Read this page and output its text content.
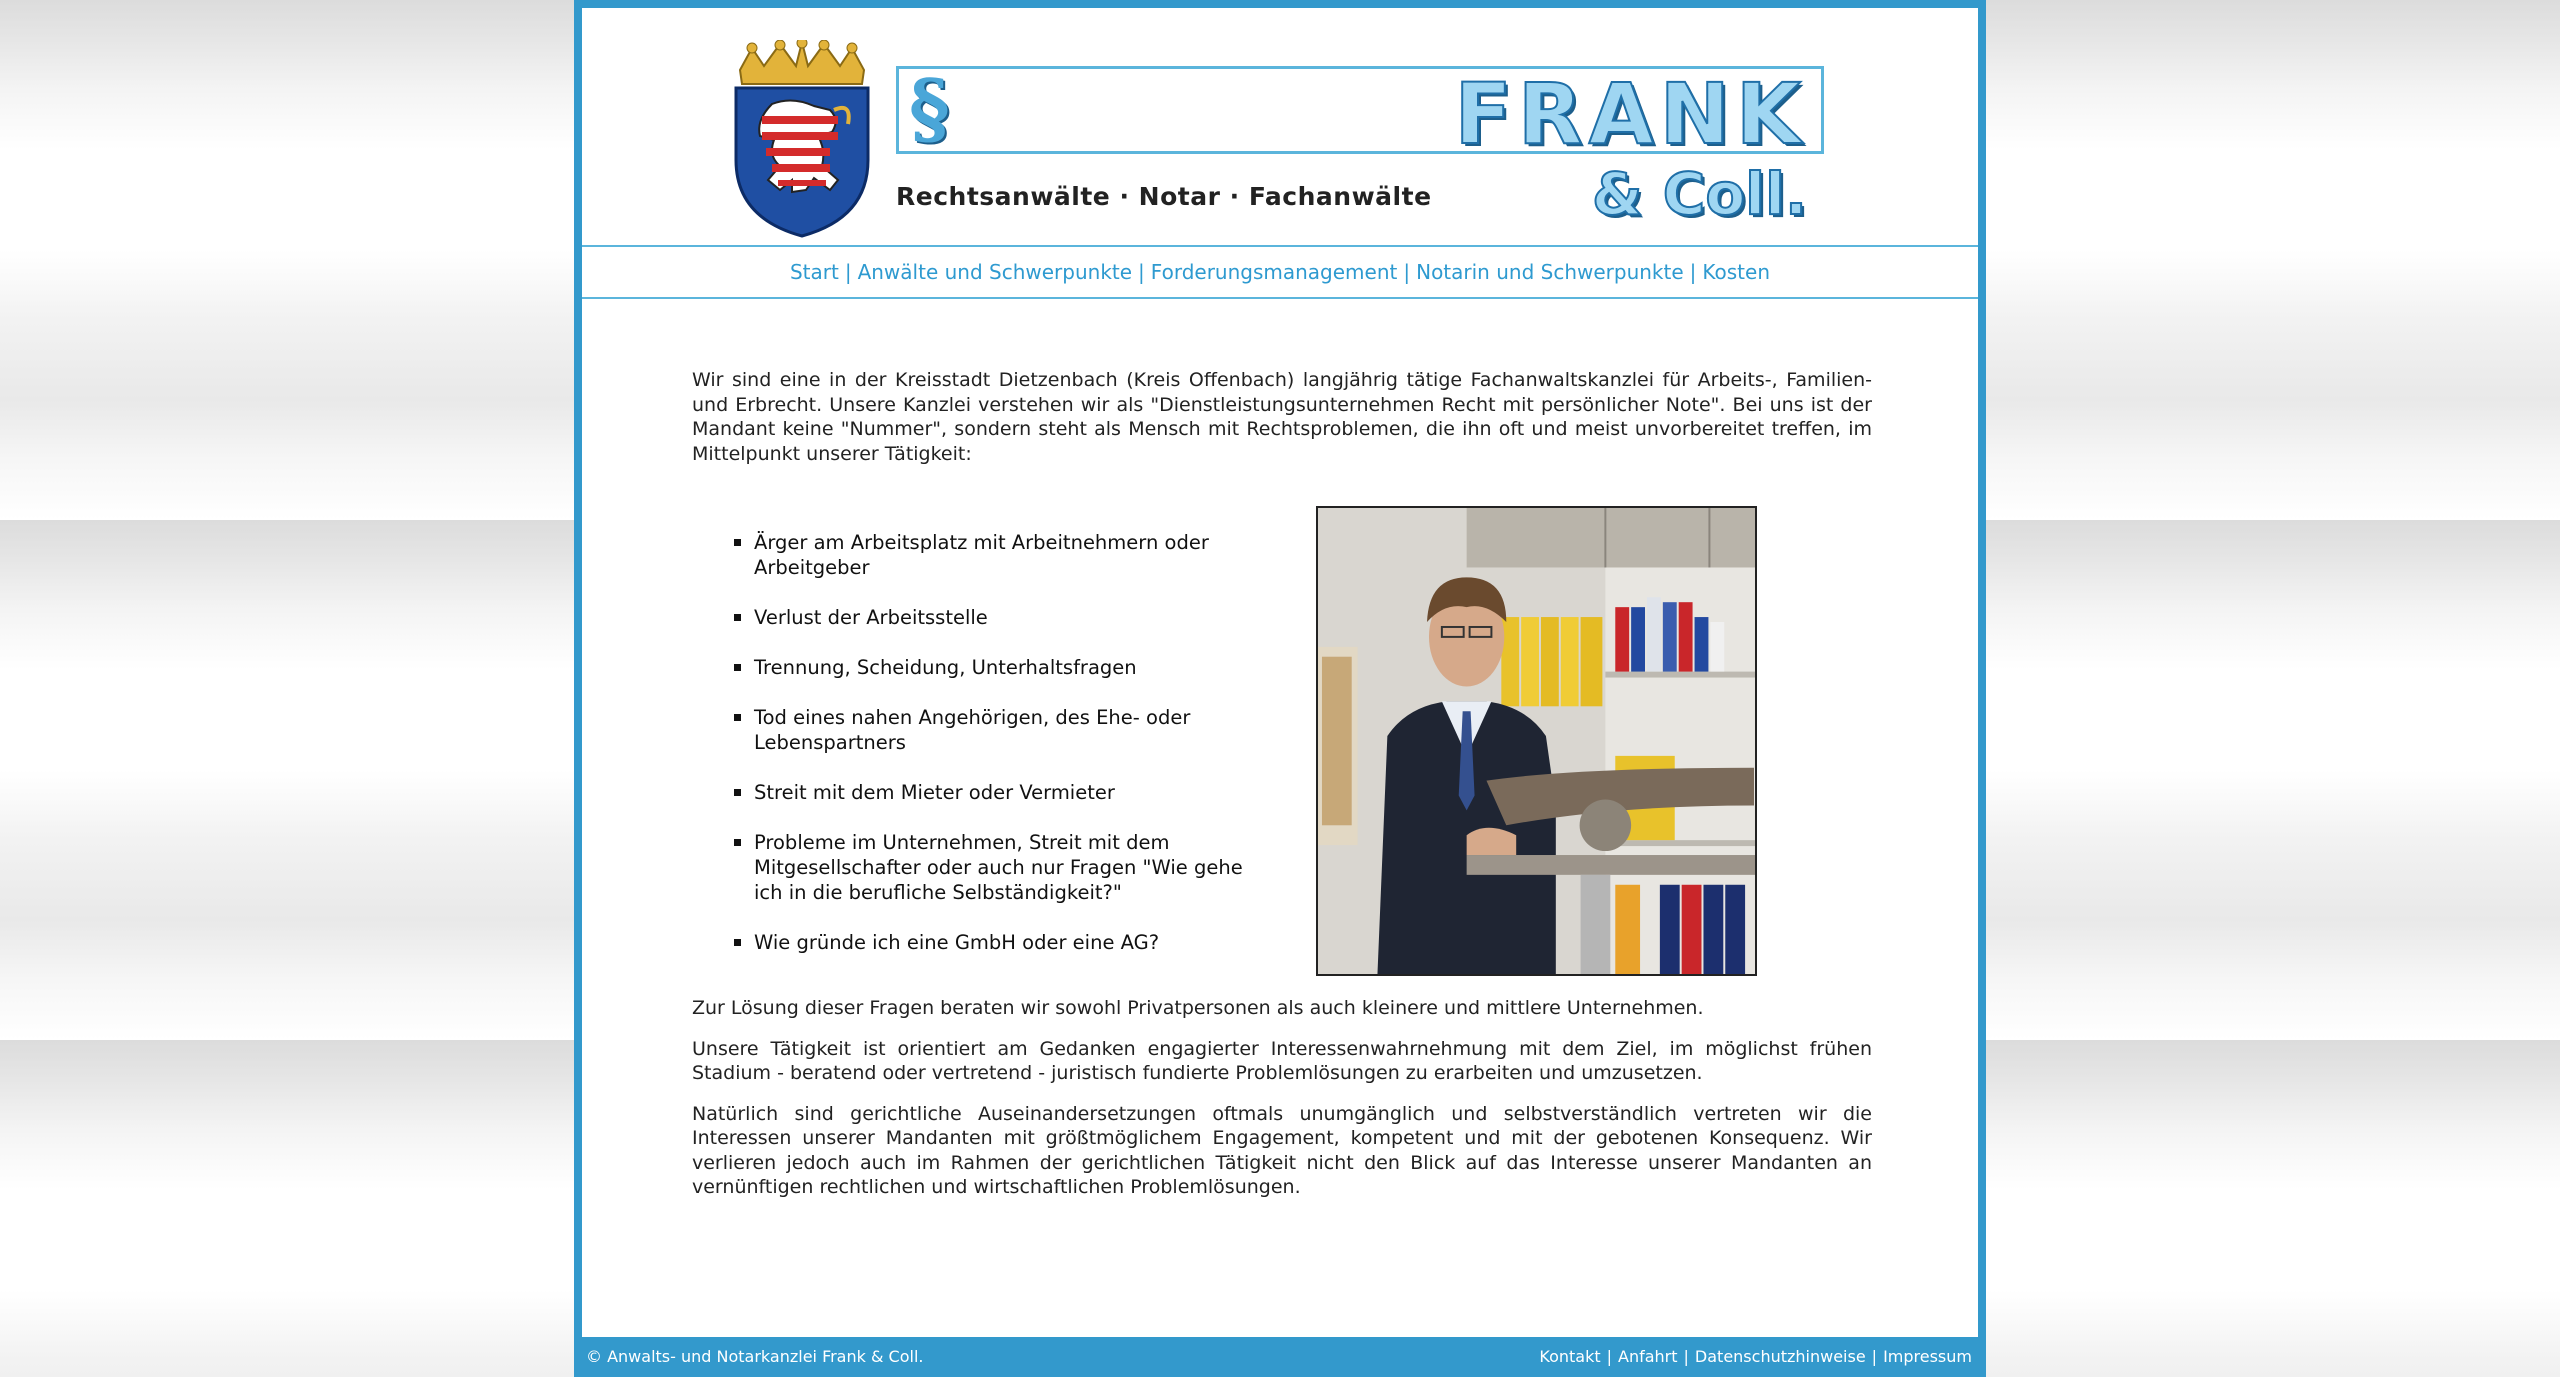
§	FRANK
& Coll.
Rechtsanwälte · Notar · Fachanwälte
Start | Anwälte und Schwerpunkte | Forderungsmanagement | Notarin und Schwerpunkte | Kosten

Wir sind eine in der Kreisstadt Dietzenbach (Kreis Offenbach) langjährig tätige Fachanwaltskanzlei für Arbeits-, Familien- und Erbrecht. Unsere Kanzlei verstehen wir als "Dienstleistungsunternehmen Recht mit persönlicher Note". Bei uns ist der Mandant keine "Nummer", sondern steht als Mensch mit Rechtsproblemen, die ihn oft und meist unvorbereitet treffen, im Mittelpunkt unserer Tätigkeit:

Ärger am Arbeitsplatz mit Arbeitnehmern oder Arbeitgeber
Verlust der Arbeitsstelle
Trennung, Scheidung, Unterhaltsfragen
Tod eines nahen Angehörigen, des Ehe- oder Lebenspartners
Streit mit dem Mieter oder Vermieter
Probleme im Unternehmen, Streit mit dem Mitgesellschafter oder auch nur Fragen "Wie gehe ich in die berufliche Selbständigkeit?"
Wie gründe ich eine GmbH oder eine AG?

Zur Lösung dieser Fragen beraten wir sowohl Privatpersonen als auch kleinere und mittlere Unternehmen.

Unsere Tätigkeit ist orientiert am Gedanken engagierter Interessenwahrnehmung mit dem Ziel, im möglichst frühen Stadium - beratend oder vertretend - juristisch fundierte Problemlösungen zu erarbeiten und umzusetzen.

Natürlich sind gerichtliche Auseinandersetzungen oftmals unumgänglich und selbstverständlich vertreten wir die Interessen unserer Mandanten mit größtmöglichem Engagement, kompetent und mit der gebotenen Konsequenz. Wir verlieren jedoch auch im Rahmen der gerichtlichen Tätigkeit nicht den Blick auf das Interesse unserer Mandanten an vernünftigen rechtlichen und wirtschaftlichen Problemlösungen.

© Anwalts- und Notarkanzlei Frank & Coll.	Kontakt | Anfahrt | Datenschutzhinweise | Impressum
